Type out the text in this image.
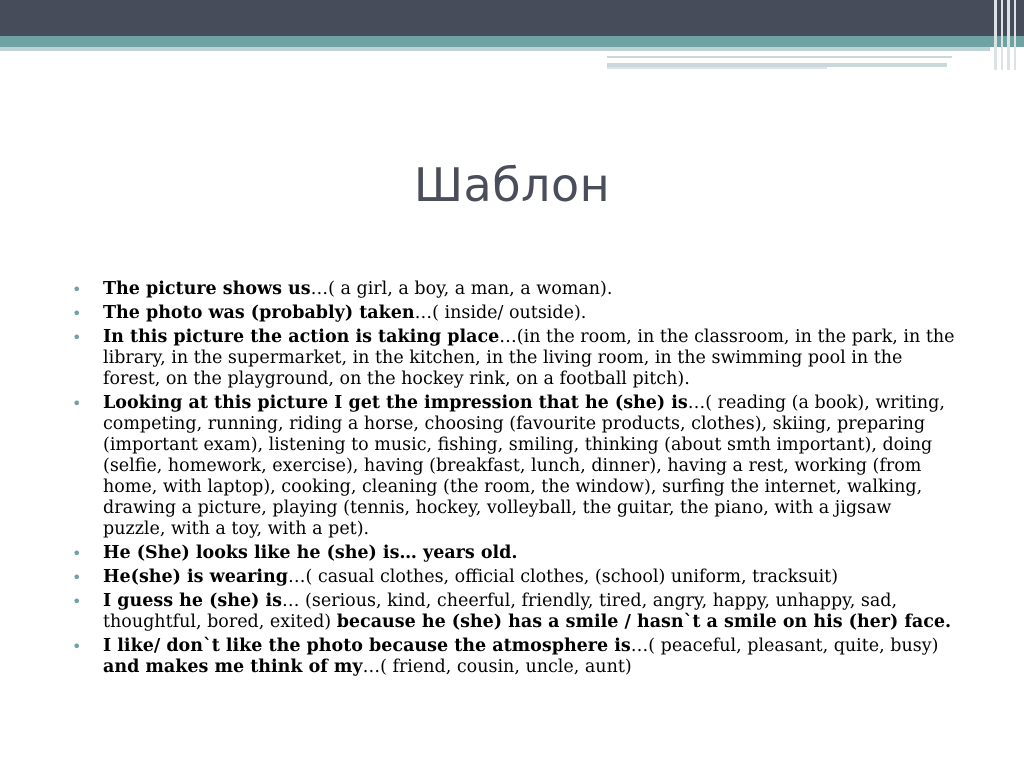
Шаблон
• The picture shows us…( a girl, a boy, a man, a woman).
• The photo was (probably) taken…( inside/ outside).
• In this picture the action is taking place…(in the room, in the classroom, in the park, in the library, in the supermarket, in the kitchen, in the living room, in the swimming pool in the forest, on the playground, on the hockey rink, on a football pitch).
• Looking at this picture I get the impression that he (she) is…( reading (a book), writing, competing, running, riding a horse, choosing (favourite products, clothes), skiing, preparing (important exam), listening to music, fishing, smiling, thinking (about smth important), doing (selfie, homework, exercise), having (breakfast, lunch, dinner), having a rest, working (from home, with laptop), cooking, cleaning (the room, the window), surfing the internet, walking, drawing a picture, playing (tennis, hockey, volleyball, the guitar, the piano, with a jigsaw puzzle, with a toy, with a pet).
• He (She) looks like he (she) is… years old.
• He(she) is wearing…( casual clothes, official clothes, (school) uniform, tracksuit)
• I guess he (she) is… (serious, kind, cheerful, friendly, tired, angry, happy, unhappy, sad, thoughtful, bored, exited) because he (she) has a smile / hasn`t a smile on his (her) face.
• I like/ don`t like the photo because the atmosphere is…( peaceful, pleasant, quite, busy) and makes me think of my…( friend, cousin, uncle, aunt)
